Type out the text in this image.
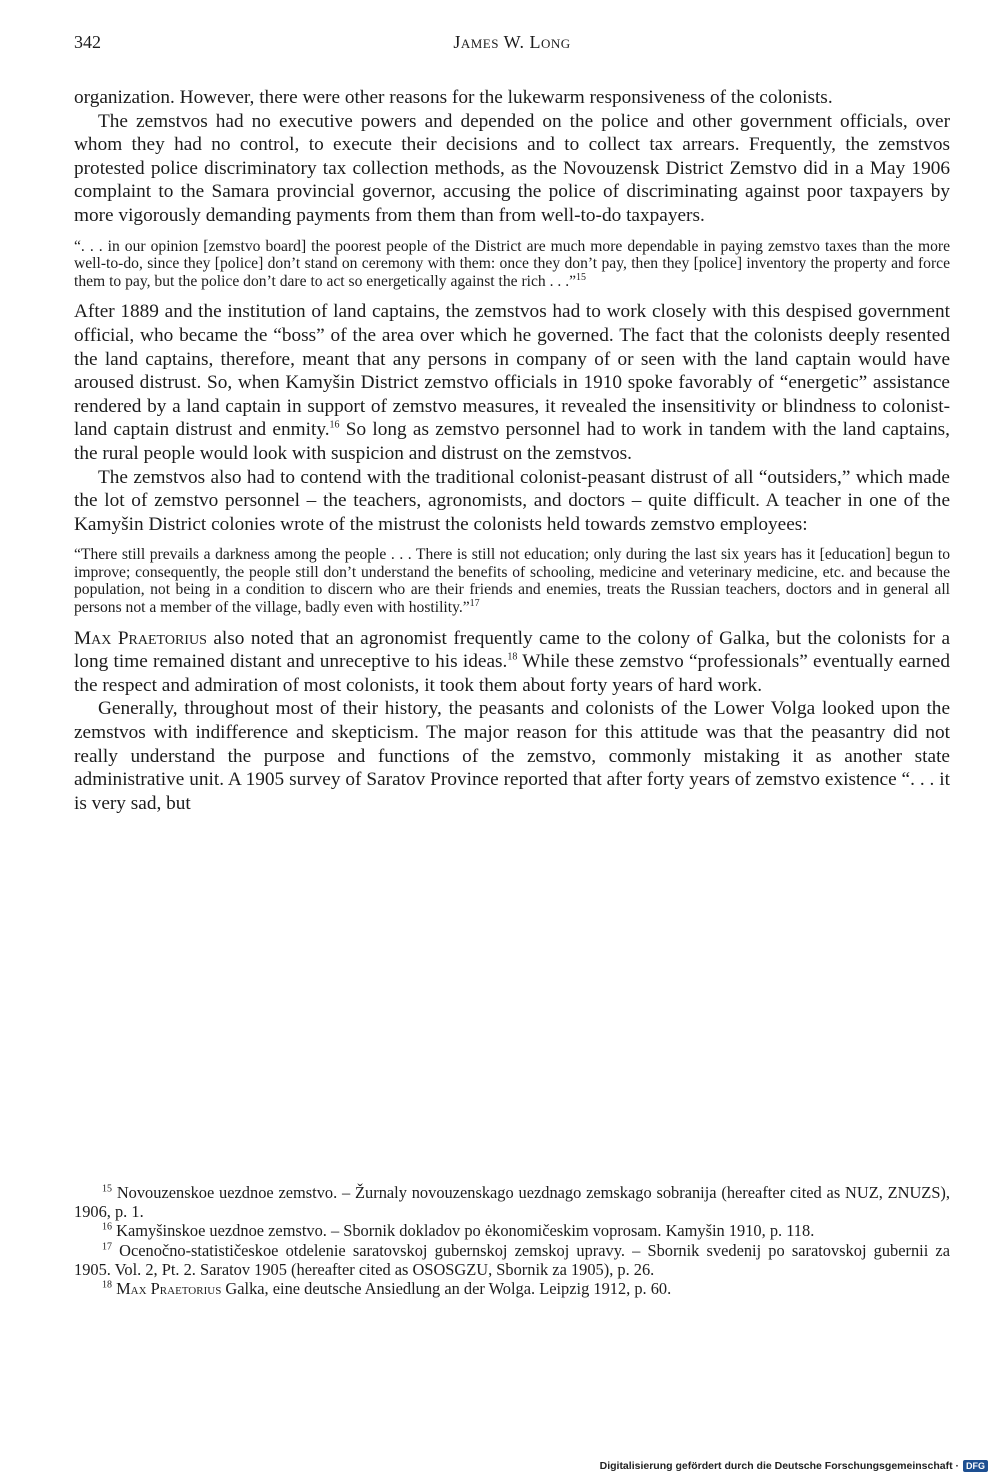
342	James W. Long

organization. However, there were other reasons for the lukewarm responsiveness of the colonists.

The zemstvos had no executive powers and depended on the police and other government officials, over whom they had no control, to execute their decisions and to collect tax arrears. Frequently, the zemstvos protested police discriminatory tax collection methods, as the Novouzensk District Zemstvo did in a May 1906 complaint to the Samara provincial governor, accusing the police of discriminating against poor taxpayers by more vigorously demanding payments from them than from well-to-do taxpayers.

“. . . in our opinion [zemstvo board] the poorest people of the District are much more dependable in paying zemstvo taxes than the more well-to-do, since they [police] don’t stand on ceremony with them: once they don’t pay, then they [police] inventory the property and force them to pay, but the police don’t dare to act so energetically against the rich . . .”$^{15}$

After 1889 and the institution of land captains, the zemstvos had to work closely with this despised government official, who became the “boss” of the area over which he governed. The fact that the colonists deeply resented the land captains, therefore, meant that any persons in company of or seen with the land captain would have aroused distrust. So, when Kamyšin District zemstvo officials in 1910 spoke favorably of “energetic” assistance rendered by a land captain in support of zemstvo measures, it revealed the insensitivity or blindness to colonist-land captain distrust and enmity.$^{16}$ So long as zemstvo personnel had to work in tandem with the land captains, the rural people would look with suspicion and distrust on the zemstvos.

The zemstvos also had to contend with the traditional colonist-peasant distrust of all “outsiders,” which made the lot of zemstvo personnel – the teachers, agronomists, and doctors – quite difficult. A teacher in one of the Kamyšin District colonies wrote of the mistrust the colonists held towards zemstvo employees:

“There still prevails a darkness among the people . . . There is still not education; only during the last six years has it [education] begun to improve; consequently, the people still don’t understand the benefits of schooling, medicine and veterinary medicine, etc. and because the population, not being in a condition to discern who are their friends and enemies, treats the Russian teachers, doctors and in general all persons not a member of the village, badly even with hostility.”$^{17}$

Max Praetorius also noted that an agronomist frequently came to the colony of Galka, but the colonists for a long time remained distant and unreceptive to his ideas.$^{18}$ While these zemstvo “professionals” eventually earned the respect and admiration of most colonists, it took them about forty years of hard work.

Generally, throughout most of their history, the peasants and colonists of the Lower Volga looked upon the zemstvos with indifference and skepticism. The major reason for this attitude was that the peasantry did not really understand the purpose and functions of the zemstvo, commonly mistaking it as another state administrative unit. A 1905 survey of Saratov Province reported that after forty years of zemstvo existence “. . . it is very sad, but

$^{15}$ Novouzenskoe uezdnoe zemstvo. – Žurnaly novouzenskago uezdnago zemskago sobranija (hereafter cited as NUZ, ZNUZS), 1906, p. 1.

$^{16}$ Kamyšinskoe uezdnoe zemstvo. – Sbornik dokladov po ėkonomičeskim voprosam. Kamyšin 1910, p. 118.

$^{17}$ Ocenočno-statističeskoe otdelenie saratovskoj gubernskoj zemskoj upravy. – Sbornik svedenij po saratovskoj gubernii za 1905. Vol. 2, Pt. 2. Saratov 1905 (hereafter cited as OSOSGZU, Sbornik za 1905), p. 26.

$^{18}$ Max Praetorius Galka, eine deutsche Ansiedlung an der Wolga. Leipzig 1912, p. 60.

Digitalisierung gefördert durch die Deutsche Forschungsgemeinschaft · DFG
